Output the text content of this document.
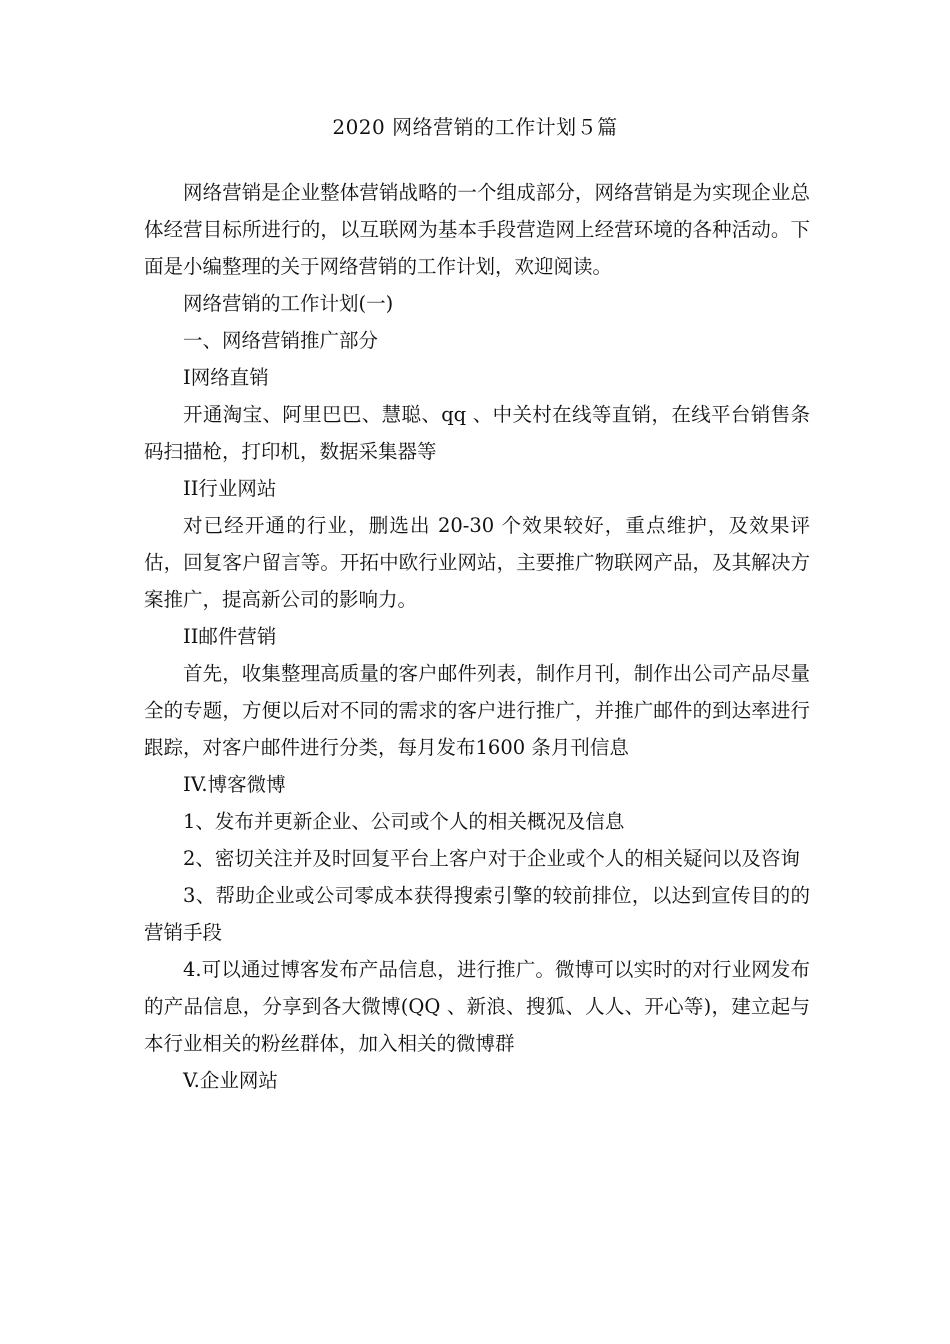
2020 网络营销的工作计划５篇

网络营销是企业整体营销战略的一个组成部分，网络营销是为实现企业总体经营目标所进行的，以互联网为基本手段营造网上经营环境的各种活动。下面是小编整理的关于网络营销的工作计划，欢迎阅读。

网络营销的工作计划(一)

一、网络营销推广部分

I网络直销

开通淘宝、阿里巴巴、慧聪、qq 、中关村在线等直销，在线平台销售条码扫描枪，打印机，数据采集器等

II行业网站

对已经开通的行业，删选出 20-30 个效果较好，重点维护，及效果评估，回复客户留言等。开拓中欧行业网站，主要推广物联网产品，及其解决方案推广，提高新公司的影响力。

II邮件营销

首先，收集整理高质量的客户邮件列表，制作月刊，制作出公司产品尽量全的专题，方便以后对不同的需求的客户进行推广，并推广邮件的到达率进行跟踪，对客户邮件进行分类，每月发布1600 条月刊信息

IV.博客微博

1、发布并更新企业、公司或个人的相关概况及信息

2、密切关注并及时回复平台上客户对于企业或个人的相关疑问以及咨询

3、帮助企业或公司零成本获得搜索引擎的较前排位，以达到宣传目的的营销手段

4.可以通过博客发布产品信息，进行推广。微博可以实时的对行业网发布的产品信息，分享到各大微博(QQ 、新浪、搜狐、人人、开心等)，建立起与本行业相关的粉丝群体，加入相关的微博群

V.企业网站
